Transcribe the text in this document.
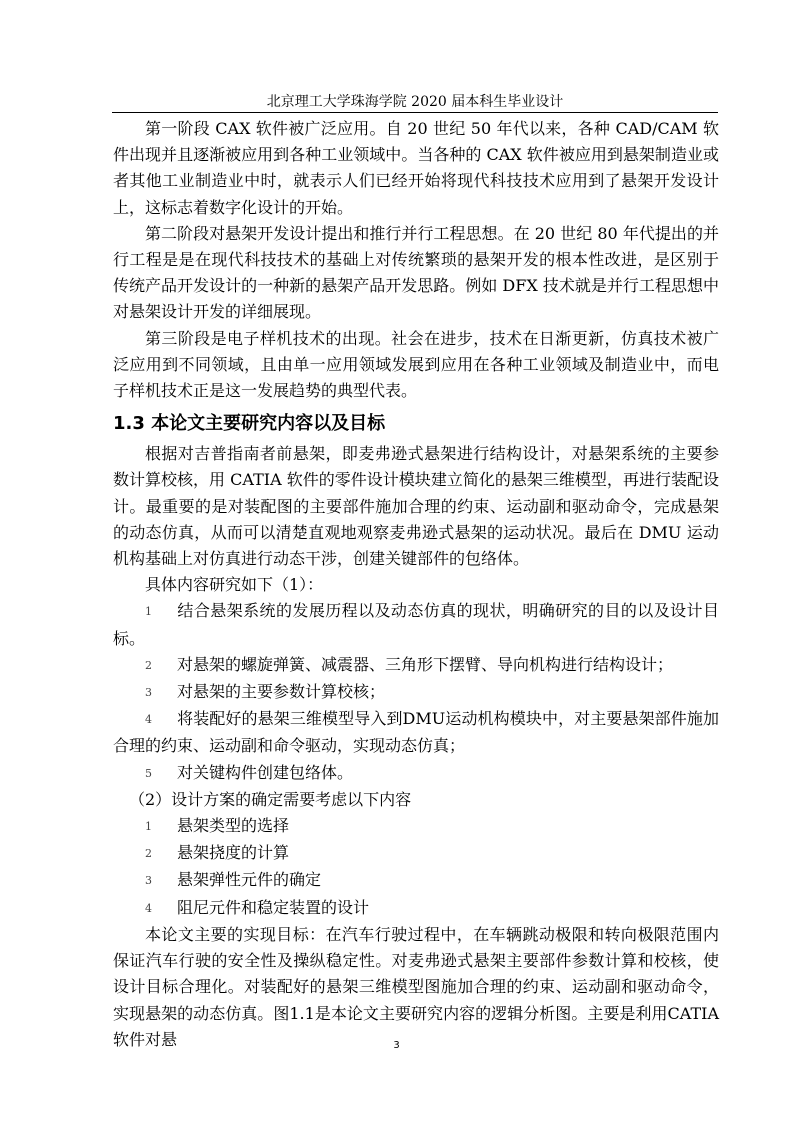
北京理工大学珠海学院 2020 届本科生毕业设计

第一阶段 CAX 软件被广泛应用。自 20 世纪 50 年代以来，各种 CAD/CAM 软件出现并且逐渐被应用到各种工业领域中。当各种的 CAX 软件被应用到悬架制造业或者其他工业制造业中时，就表示人们已经开始将现代科技技术应用到了悬架开发设计上，这标志着数字化设计的开始。

第二阶段对悬架开发设计提出和推行并行工程思想。在 20 世纪 80 年代提出的并行工程是是在现代科技技术的基础上对传统繁琐的悬架开发的根本性改进，是区别于传统产品开发设计的一种新的悬架产品开发思路。例如 DFX 技术就是并行工程思想中对悬架设计开发的详细展现。

第三阶段是电子样机技术的出现。社会在进步，技术在日渐更新，仿真技术被广泛应用到不同领域，且由单一应用领域发展到应用在各种工业领域及制造业中，而电子样机技术正是这一发展趋势的典型代表。

1.3 本论文主要研究内容以及目标

根据对吉普指南者前悬架，即麦弗逊式悬架进行结构设计，对悬架系统的主要参数计算校核，用 CATIA 软件的零件设计模块建立简化的悬架三维模型，再进行装配设计。最重要的是对装配图的主要部件施加合理的约束、运动副和驱动命令，完成悬架的动态仿真，从而可以清楚直观地观察麦弗逊式悬架的运动状况。最后在 DMU 运动机构基础上对仿真进行动态干涉，创建关键部件的包络体。

具体内容研究如下（1）：

1 结合悬架系统的发展历程以及动态仿真的现状，明确研究的目的以及设计目标。

2 对悬架的螺旋弹簧、减震器、三角形下摆臂、导向机构进行结构设计；

3 对悬架的主要参数计算校核；

4 将装配好的悬架三维模型导入到DMU运动机构模块中，对主要悬架部件施加合理的约束、运动副和命令驱动，实现动态仿真；

5 对关键构件创建包络体。

（2）设计方案的确定需要考虑以下内容

1 悬架类型的选择

2 悬架挠度的计算

3 悬架弹性元件的确定

4 阻尼元件和稳定装置的设计

本论文主要的实现目标：在汽车行驶过程中，在车辆跳动极限和转向极限范围内保证汽车行驶的安全性及操纵稳定性。对麦弗逊式悬架主要部件参数计算和校核，使设计目标合理化。对装配好的悬架三维模型图施加合理的约束、运动副和驱动命令，实现悬架的动态仿真。图1.1是本论文主要研究内容的逻辑分析图。主要是利用CATIA软件对悬	3
